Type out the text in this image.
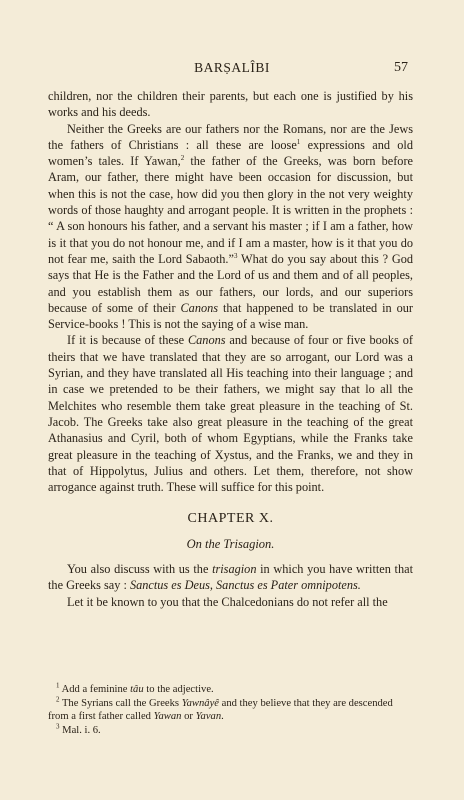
BARṢALÎBI	57

children, nor the children their parents, but each one is justified by his works and his deeds.

Neither the Greeks are our fathers nor the Romans, nor are the Jews the fathers of Christians : all these are loose$^1$ expressions and old women’s tales. If Yawan,$^2$ the father of the Greeks, was born before Aram, our father, there might have been occasion for discussion, but when this is not the case, how did you then glory in the not very weighty words of those haughty and arrogant people. It is written in the prophets : “ A son honours his father, and a servant his master ; if I am a father, how is it that you do not honour me, and if I am a master, how is it that you do not fear me, saith the Lord Sabaoth.”$^3$ What do you say about this ? God says that He is the Father and the Lord of us and them and of all peoples, and you establish them as our fathers, our lords, and our superiors because of some of their Canons that happened to be translated in our Service-books ! This is not the saying of a wise man.

If it is because of these Canons and because of four or five books of theirs that we have translated that they are so arrogant, our Lord was a Syrian, and they have translated all His teaching into their language ; and in case we pretended to be their fathers, we might say that lo all the Melchites who resemble them take great pleasure in the teaching of St. Jacob. The Greeks take also great pleasure in the teaching of the great Athanasius and Cyril, both of whom Egyptians, while the Franks take great pleasure in the teaching of Xystus, and the Franks, we and they in that of Hippolytus, Julius and others. Let them, therefore, not show arrogance against truth. These will suffice for this point.

CHAPTER X.
On the Trisagion.

You also discuss with us the trisagion in which you have written that the Greeks say : Sanctus es Deus, Sanctus es Pater omnipotens.

Let it be known to you that the Chalcedonians do not refer all the

$^1$ Add a feminine tâu to the adjective.

$^2$ The Syrians call the Greeks Yawnâyê and they believe that they are descended from a first father called Yawan or Yavan.

$^3$ Mal. i. 6.
